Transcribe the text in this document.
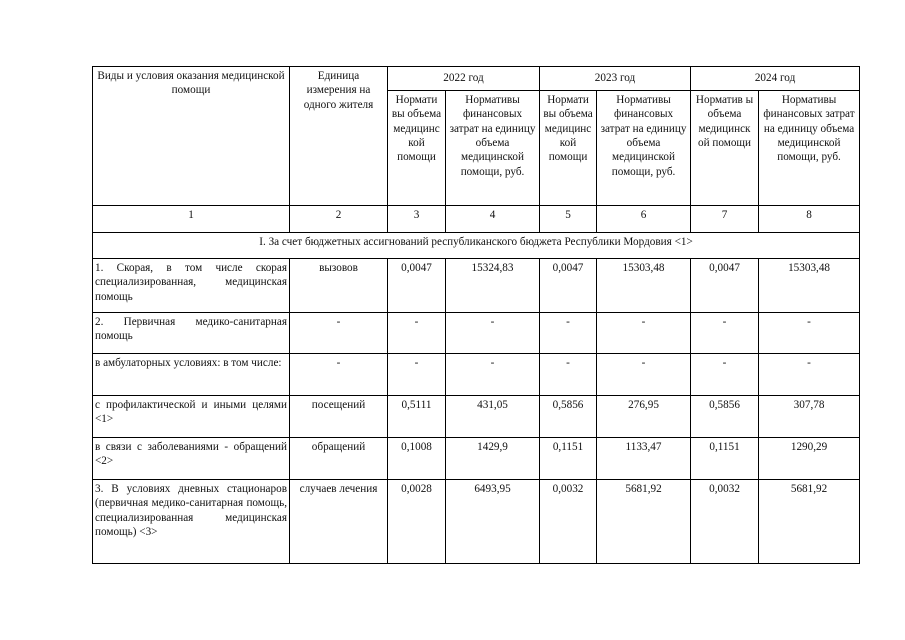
Виды и условия оказания медицинской помощи	Единица измерения на одного жителя	2022 год		2023 год		2024 год	
		Нормати вы объема медицинс кой помощи	Нормативы финансовых затрат на единицу объема медицинской помощи, руб.	Нормати вы объема медицинс кой помощи	Нормативы финансовых затрат на единицу объема медицинской помощи, руб.	Норматив ы объема медицинск ой помощи	Нормативы финансовых затрат на единицу объема медицинской помощи, руб.
1	2	3	4	5	6	7	8
I. За счет бюджетных ассигнований республиканского бюджета Республики Мордовия <1>							
1. Скорая, в том числе скорая специализированная, медицинская помощь	вызовов	0,0047	15324,83	0,0047	15303,48	0,0047	15303,48
2. Первичная медико-санитарная помощь	-	-	-	-	-	-	-
в амбулаторных условиях: в том числе:	-	-	-	-	-	-	-
с профилактической и иными целями <1>	посещений	0,5111	431,05	0,5856	276,95	0,5856	307,78
в связи с заболеваниями - обращений <2>	обращений	0,1008	1429,9	0,1151	1133,47	0,1151	1290,29
3. В условиях дневных стационаров (первичная медико-санитарная помощь, специализированная медицинская помощь) <3>	случаев лечения	0,0028	6493,95	0,0032	5681,92	0,0032	5681,92
